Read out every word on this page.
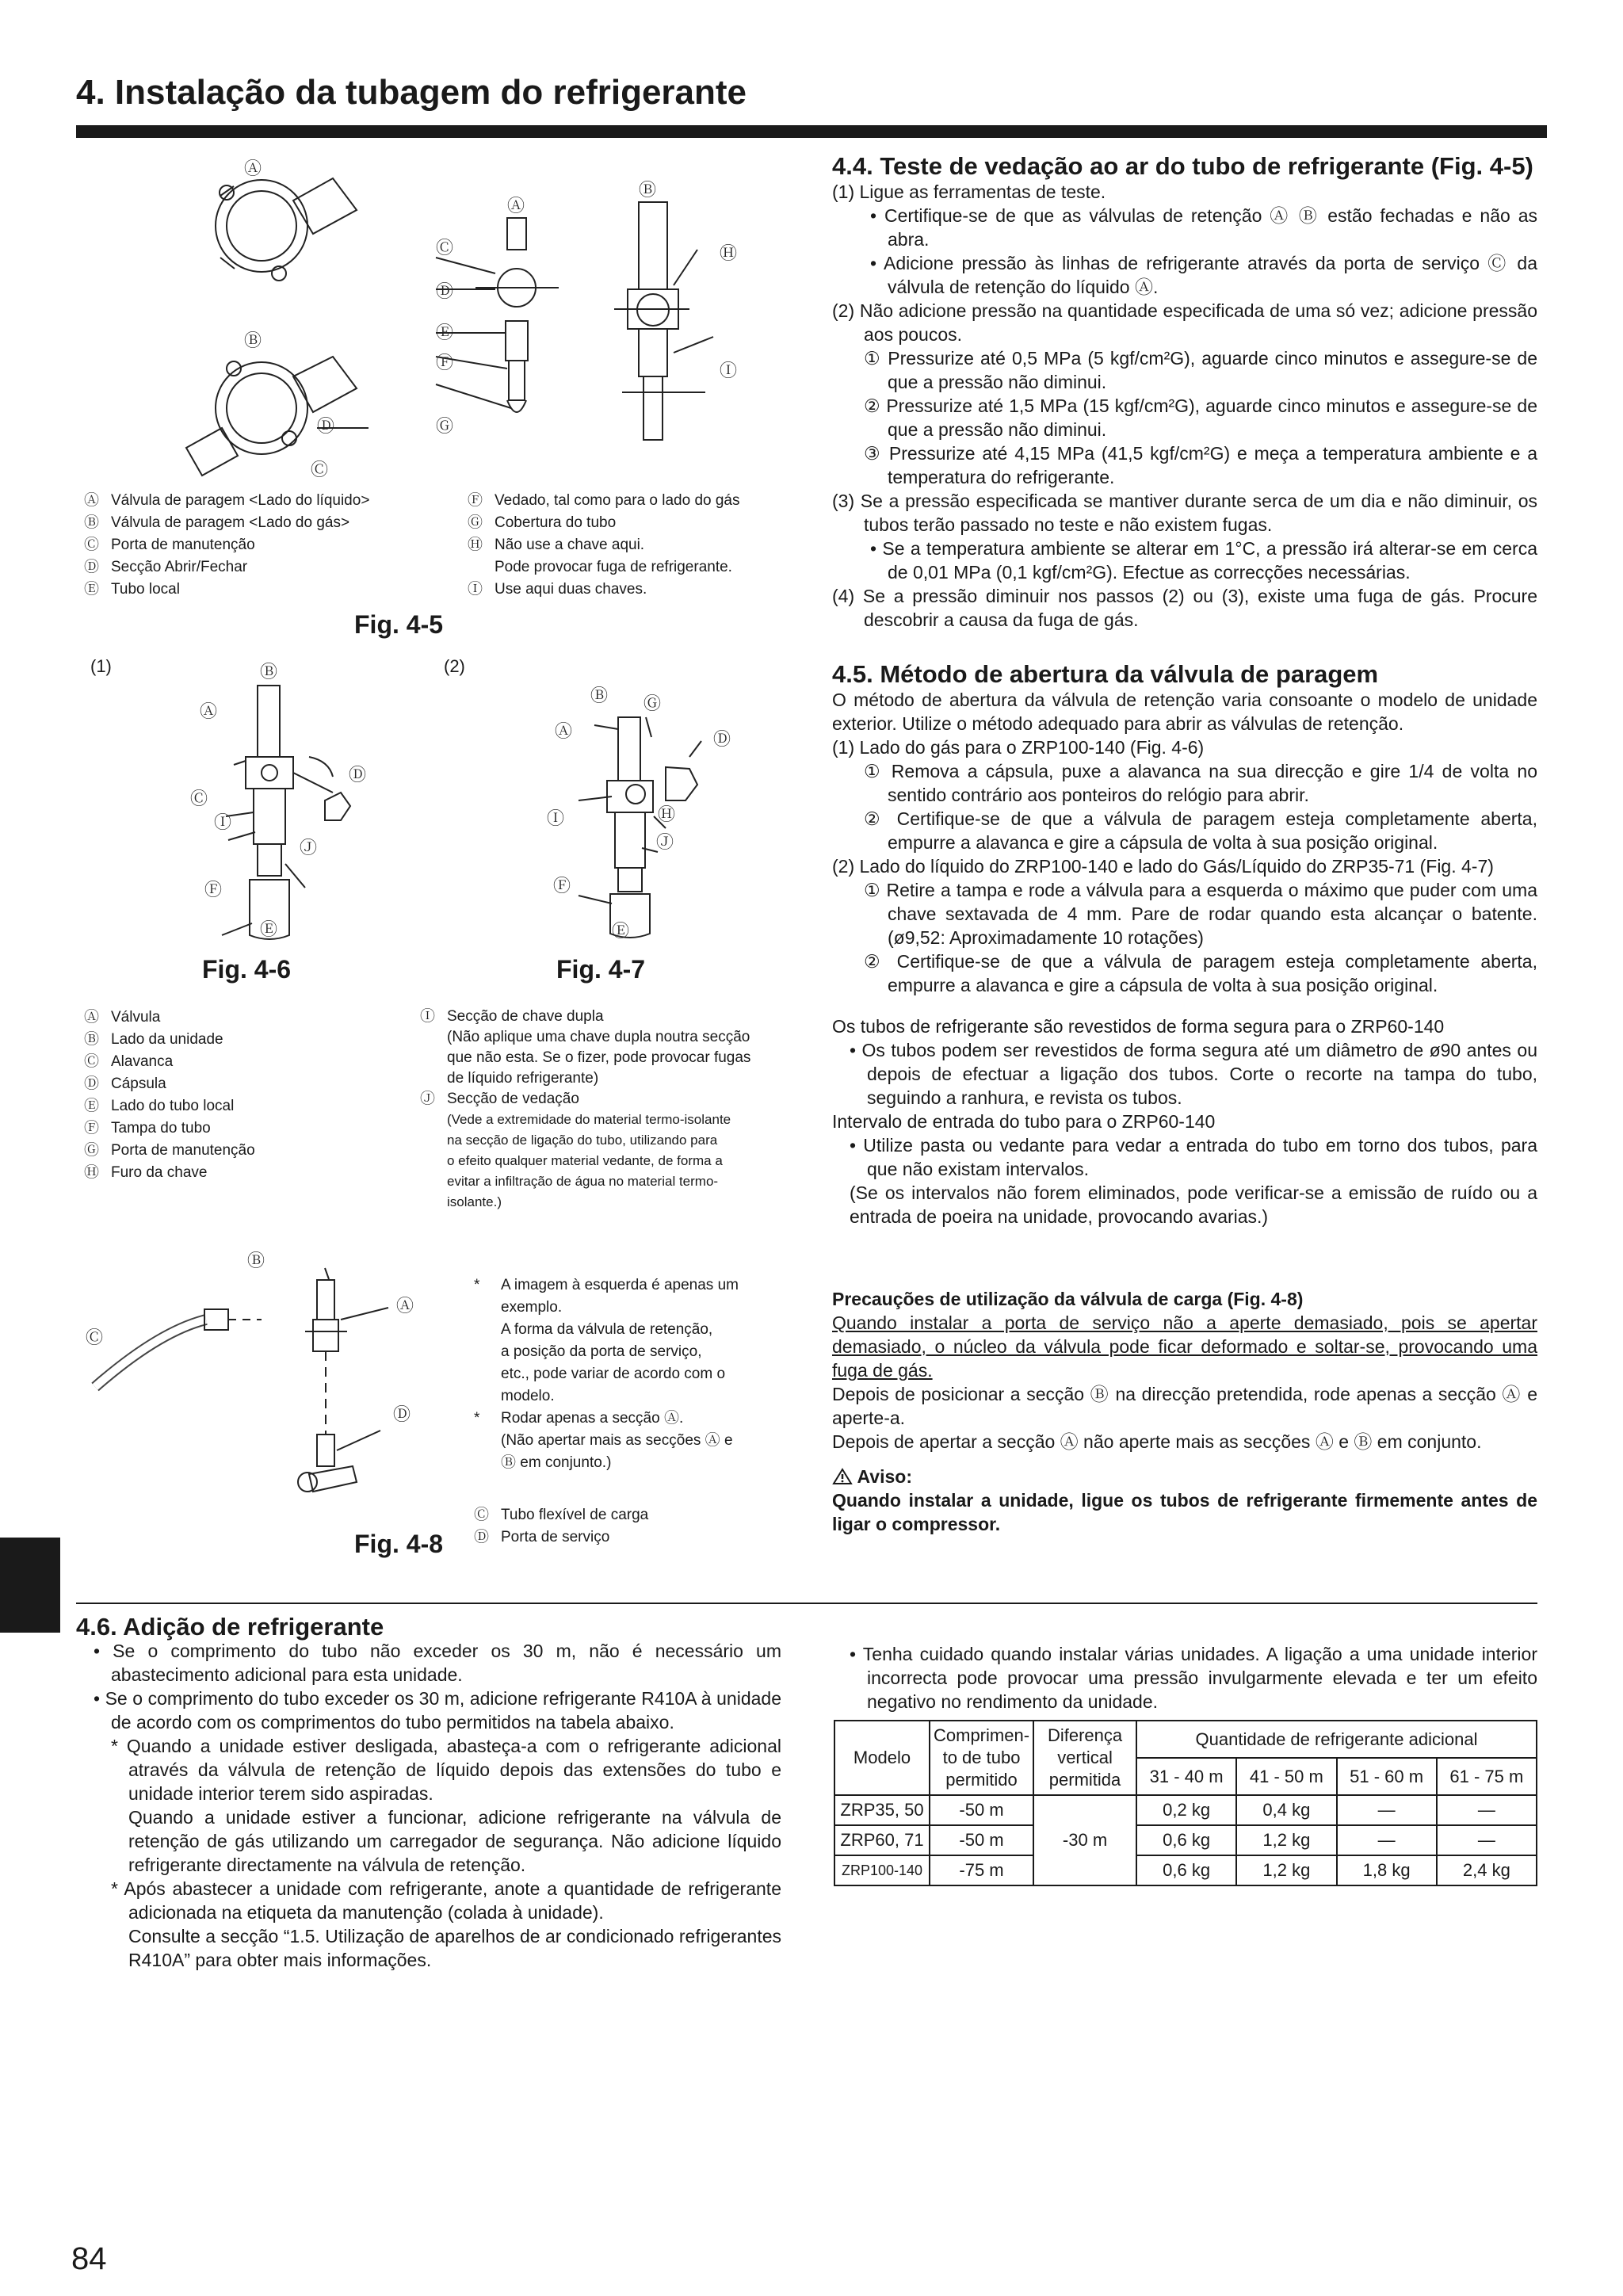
4. Instalação da tubagem do refrigerante
Ⓐ
Ⓑ
Ⓓ
Ⓒ
Ⓐ
Ⓒ
Ⓓ
Ⓔ
Ⓕ
Ⓖ
Ⓑ
Ⓗ
Ⓘ
Ⓐ Válvula de paragem <Lado do líquido>
Ⓑ Válvula de paragem <Lado do gás>
Ⓒ Porta de manutenção
Ⓓ Secção Abrir/Fechar
Ⓔ Tubo local
Ⓕ Vedado, tal como para o lado do gás
Ⓖ Cobertura do tubo
Ⓗ Não use a chave aqui.
Pode provocar fuga de refrigerante.
Ⓘ Use aqui duas chaves.
Fig. 4-5
(1)	(2)
Ⓑ
Ⓐ
Ⓓ
Ⓒ
Ⓘ
Ⓙ
Ⓕ
Ⓔ
Ⓑ Ⓖ
Ⓐ	Ⓓ
Ⓗ
Ⓘ
Ⓙ
Ⓕ
Ⓔ
Fig. 4-6	Fig. 4-7
Ⓐ Válvula
Ⓑ Lado da unidade
Ⓒ Alavanca
Ⓓ Cápsula
Ⓔ Lado do tubo local
Ⓕ Tampa do tubo
Ⓖ Porta de manutenção
Ⓗ Furo da chave
Ⓘ Secção de chave dupla
(Não aplique uma chave dupla noutra secção
que não esta. Se o fizer, pode provocar fugas
de líquido refrigerante)
Ⓙ Secção de vedação
(Vede a extremidade do material termo-isolante
na secção de ligação do tubo, utilizando para
o efeito qualquer material vedante, de forma a
evitar a infiltração de água no material termo-
isolante.)
Ⓑ
Ⓐ
Ⓒ
Ⓓ
* A imagem à esquerda é apenas um
exemplo.
A forma da válvula de retenção,
a posição da porta de serviço,
etc., pode variar de acordo com o
modelo.
* Rodar apenas a secção Ⓐ.
(Não apertar mais as secções Ⓐ e
Ⓑ em conjunto.)
Ⓒ Tubo flexível de carga
Ⓓ Porta de serviço
Fig. 4-8
4.4. Teste de vedação ao ar do tubo de refrigerante (Fig. 4-5)

(1) Ligue as ferramentas de teste.

• Certifique-se de que as válvulas de retenção Ⓐ Ⓑ estão fechadas e não as abra.

• Adicione pressão às linhas de refrigerante através da porta de serviço Ⓒ da válvula de retenção do líquido Ⓐ.

(2) Não adicione pressão na quantidade especificada de uma só vez; adicione pressão aos poucos.

① Pressurize até 0,5 MPa (5 kgf/cm²G), aguarde cinco minutos e assegure-se de que a pressão não diminui.

② Pressurize até 1,5 MPa (15 kgf/cm²G), aguarde cinco minutos e assegure-se de que a pressão não diminui.

③ Pressurize até 4,15 MPa (41,5 kgf/cm²G) e meça a temperatura ambiente e a temperatura do refrigerante.

(3) Se a pressão especificada se mantiver durante serca de um dia e não diminuir, os tubos terão passado no teste e não existem fugas.

• Se a temperatura ambiente se alterar em 1°C, a pressão irá alterar-se em cerca de 0,01 MPa (0,1 kgf/cm²G). Efectue as correcções necessárias.

(4) Se a pressão diminuir nos passos (2) ou (3), existe uma fuga de gás. Procure descobrir a causa da fuga de gás.

4.5. Método de abertura da válvula de paragem

O método de abertura da válvula de retenção varia consoante o modelo de unidade exterior. Utilize o método adequado para abrir as válvulas de retenção.

(1) Lado do gás para o ZRP100-140 (Fig. 4-6)

① Remova a cápsula, puxe a alavanca na sua direcção e gire 1/4 de volta no sentido contrário aos ponteiros do relógio para abrir.

② Certifique-se de que a válvula de paragem esteja completamente aberta, empurre a alavanca e gire a cápsula de volta à sua posição original.

(2) Lado do líquido do ZRP100-140 e lado do Gás/Líquido do ZRP35-71 (Fig. 4-7)

① Retire a tampa e rode a válvula para a esquerda o máximo que puder com uma chave sextavada de 4 mm. Pare de rodar quando esta alcançar o batente. (ø9,52: Aproximadamente 10 rotações)

② Certifique-se de que a válvula de paragem esteja completamente aberta, empurre a alavanca e gire a cápsula de volta à sua posição original.

Os tubos de refrigerante são revestidos de forma segura para o ZRP60-140

• Os tubos podem ser revestidos de forma segura até um diâmetro de ø90 antes ou depois de efectuar a ligação dos tubos. Corte o recorte na tampa do tubo, seguindo a ranhura, e revista os tubos.

Intervalo de entrada do tubo para o ZRP60-140

• Utilize pasta ou vedante para vedar a entrada do tubo em torno dos tubos, para que não existam intervalos.

(Se os intervalos não forem eliminados, pode verificar-se a emissão de ruído ou a entrada de poeira na unidade, provocando avarias.)

Precauções de utilização da válvula de carga (Fig. 4-8)

Quando instalar a porta de serviço não a aperte demasiado, pois se apertar demasiado, o núcleo da válvula pode ficar deformado e soltar-se, provocando uma fuga de gás.

Depois de posicionar a secção Ⓑ na direcção pretendida, rode apenas a secção Ⓐ e aperte-a.

Depois de apertar a secção Ⓐ não aperte mais as secções Ⓐ e Ⓑ em conjunto.

Aviso:

Quando instalar a unidade, ligue os tubos de refrigerante firmemente antes de ligar o compressor.

4.6. Adição de refrigerante

• Se o comprimento do tubo não exceder os 30 m, não é necessário um abastecimento adicional para esta unidade.

• Se o comprimento do tubo exceder os 30 m, adicione refrigerante R410A à unidade de acordo com os comprimentos do tubo permitidos na tabela abaixo.

* Quando a unidade estiver desligada, abasteça-a com o refrigerante adicional através da válvula de retenção de líquido depois das extensões do tubo e unidade interior terem sido aspiradas.

Quando a unidade estiver a funcionar, adicione refrigerante na válvula de retenção de gás utilizando um carregador de segurança. Não adicione líquido refrigerante directamente na válvula de retenção.

* Após abastecer a unidade com refrigerante, anote a quantidade de refrigerante adicionada na etiqueta da manutenção (colada à unidade).

Consulte a secção “1.5. Utilização de aparelhos de ar condicionado refrigerantes R410A” para obter mais informações.

• Tenha cuidado quando instalar várias unidades. A ligação a uma unidade interior incorrecta pode provocar uma pressão invulgarmente elevada e ter um efeito negativo no rendimento da unidade.

Modelo	Comprimen- to de tubo permitido	Diferença vertical permitida	Quantidade de refrigerante adicional			
			31 - 40 m	41 - 50 m	51 - 60 m	61 - 75 m
ZRP35, 50	-50 m	-30 m	0,2 kg	0,4 kg	—	—
ZRP60, 71	-50 m		0,6 kg	1,2 kg	—	—
ZRP100-140	-75 m		0,6 kg	1,2 kg	1,8 kg	2,4 kg
84
